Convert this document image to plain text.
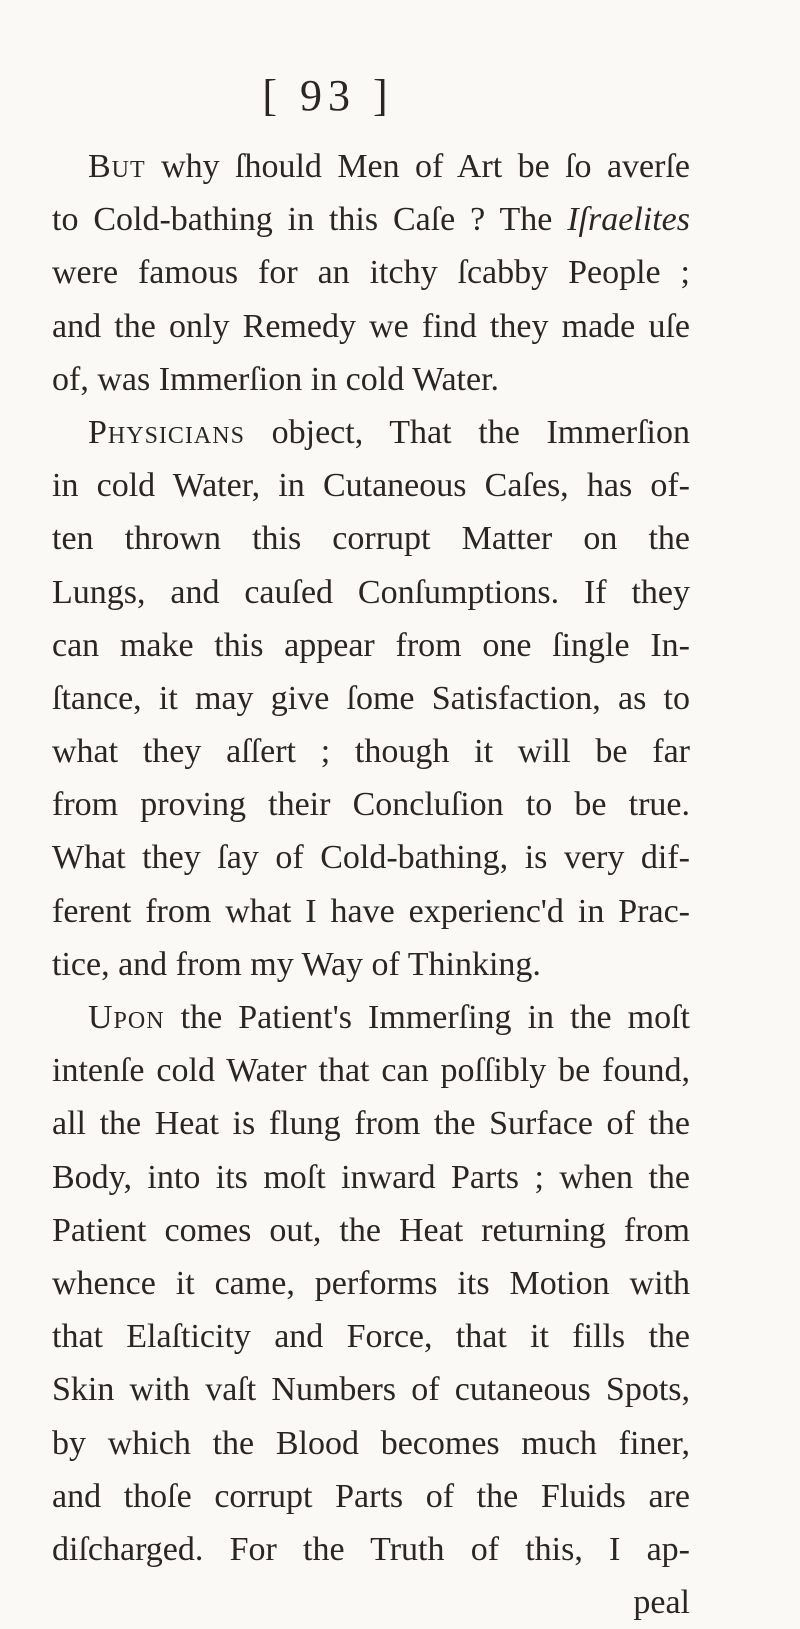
[ 93 ]
But why ſhould Men of Art be ſo averſe
to Cold-bathing in this Caſe ? The Iſraelites
were famous for an itchy ſcabby People ;
and the only Remedy we find they made uſe
of, was Immerſion in cold Water.
Physicians object, That the Immerſion
in cold Water, in Cutaneous Caſes, has of-
ten thrown this corrupt Matter on the
Lungs, and cauſed Conſumptions. If they
can make this appear from one ſingle In-
ſtance, it may give ſome Satisfaction, as to
what they aſſert ; though it will be far
from proving their Concluſion to be true.
What they ſay of Cold-bathing, is very dif-
ferent from what I have experienc'd in Prac-
tice, and from my Way of Thinking.
Upon the Patient's Immerſing in the moſt
intenſe cold Water that can poſſibly be found,
all the Heat is flung from the Surface of the
Body, into its moſt inward Parts ; when the
Patient comes out, the Heat returning from
whence it came, performs its Motion with
that Elaſticity and Force, that it fills the
Skin with vaſt Numbers of cutaneous Spots,
by which the Blood becomes much finer,
and thoſe corrupt Parts of the Fluids are
diſcharged. For the Truth of this, I ap-
peal
